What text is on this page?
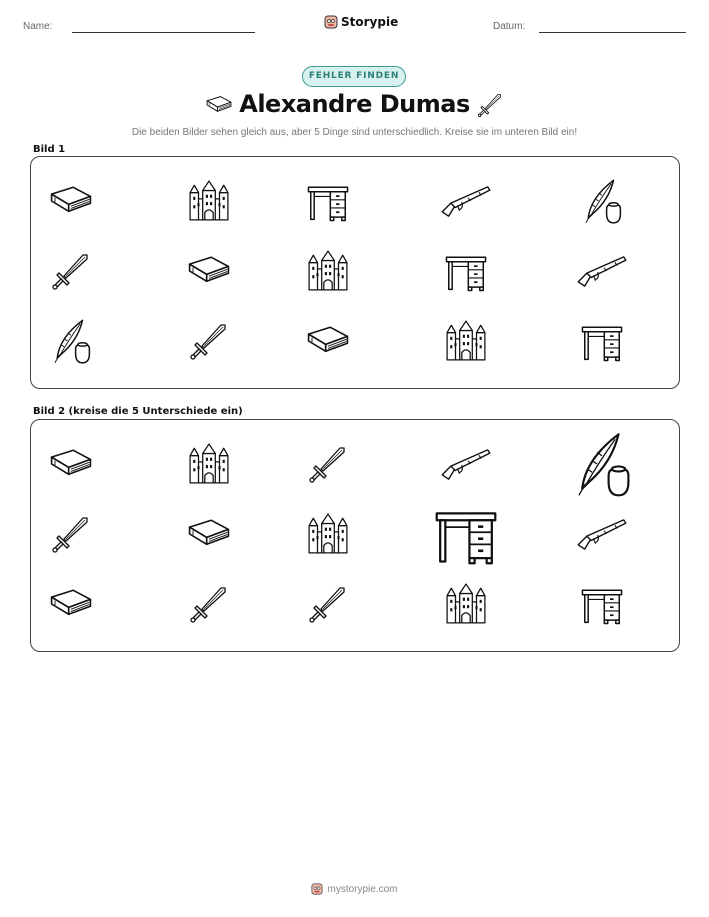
Name:	Storypie	Datum:
FEHLER FINDEN
Alexandre Dumas
Die beiden Bilder sehen gleich aus, aber 5 Dinge sind unterschiedlich. Kreise sie im unteren Bild ein!
Bild 1
Bild 2 (kreise die 5 Unterschiede ein)
mystorypie.com
